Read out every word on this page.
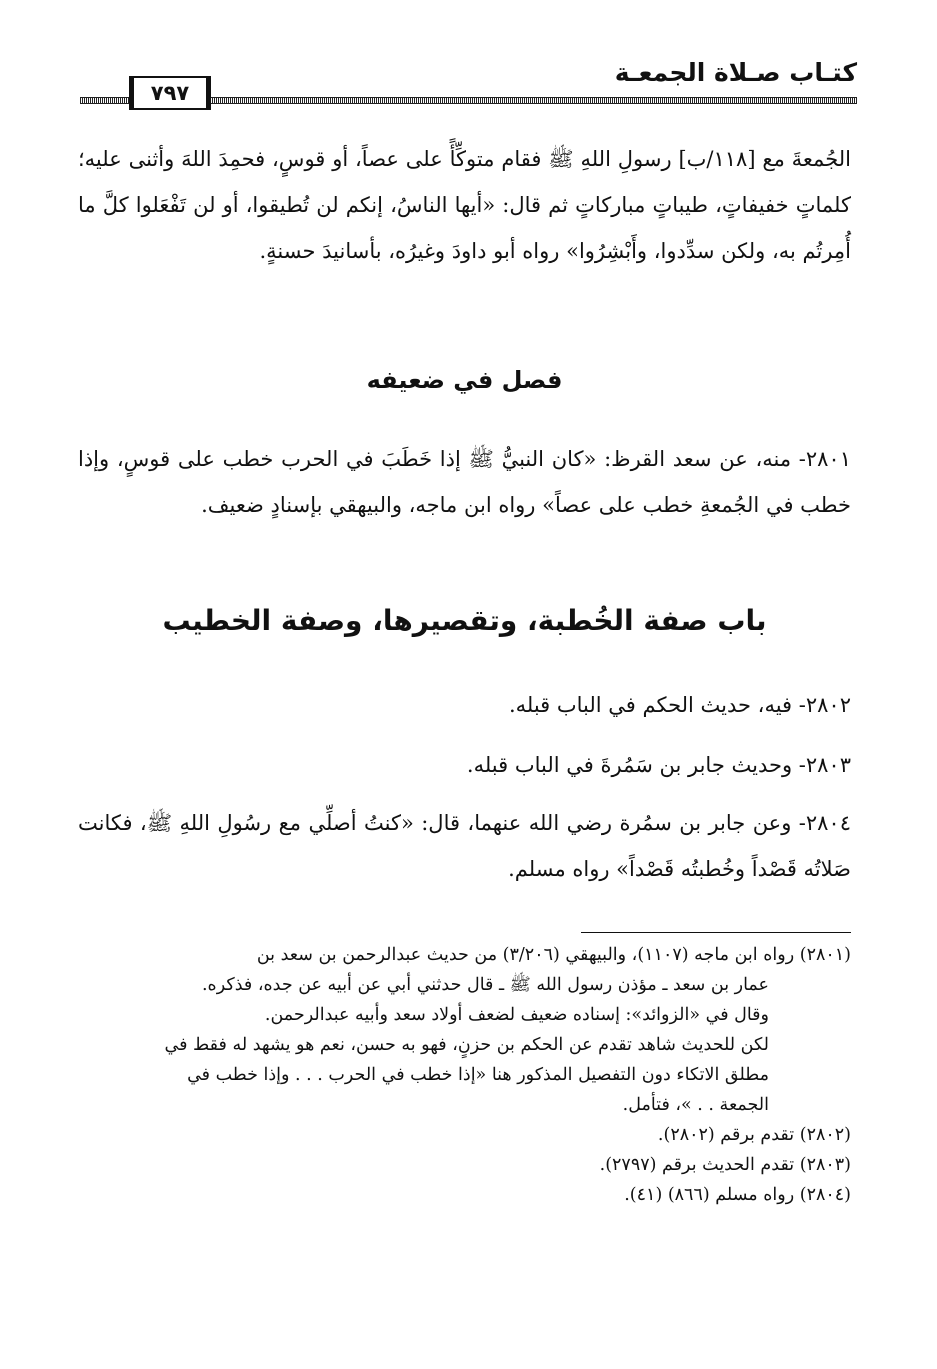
كتـاب صـلاة الجمعـة
٧٩٧
الجُمعةَ مع [١١٨/ب] رسولِ اللهِ ﷺ فقام متوكِّأً على عصاً، أو قوسٍ، فحمِدَ اللهَ وأثنى عليه؛ كلماتٍ خفيفاتٍ، طيباتٍ مباركاتٍ ثم قال: «أيها الناسُ، إنكم لن تُطيقوا، أو لن تَفْعَلوا كلَّ ما أُمِرتُم به، ولكن سدِّدوا، وأَبْشِرُوا» رواه أبو داودَ وغيرُه، بأسانيدَ حسنةٍ.
فصل في ضعيفه
٢٨٠١- منه، عن سعد القرظ: «كان النبيُّ ﷺ إذا خَطَبَ في الحرب خطب على قوسٍ، وإذا خطب في الجُمعةِ خطب على عصاً» رواه ابن ماجه، والبيهقي بإسنادٍ ضعيف.
باب صفة الخُطبة، وتقصيرها، وصفة الخطيب
٢٨٠٢- فيه، حديث الحكم في الباب قبله.
٢٨٠٣- وحديث جابر بن سَمُرةَ في الباب قبله.
٢٨٠٤- وعن جابر بن سمُرة رضي الله عنهما، قال: «كنتُ أصلِّي مع رسُولِ اللهِ ﷺ، فكانت صَلاتُه قَصْداً وخُطبتُه قَصْداً» رواه مسلم.
(٢٨٠١) رواه ابن ماجه (١١٠٧)، والبيهقي (٣/٢٠٦) من حديث عبدالرحمن بن سعد بن
عمار بن سعد ـ مؤذن رسول الله ﷺ ـ قال حدثني أبي عن أبيه عن جده، فذكره.
وقال في «الزوائد»: إسناده ضعيف لضعف أولاد سعد وأبيه عبدالرحمن.
لكن للحديث شاهد تقدم عن الحكم بن حزنٍ، فهو به حسن، نعم هو يشهد له فقط في
مطلق الاتكاء دون التفصيل المذكور هنا «إذا خطب في الحرب . . . وإذا خطب في
الجمعة . . »، فتأمل.
(٢٨٠٢) تقدم برقم (٢٨٠٢).
(٢٨٠٣) تقدم الحديث برقم (٢٧٩٧).
(٢٨٠٤) رواه مسلم (٨٦٦) (٤١).
